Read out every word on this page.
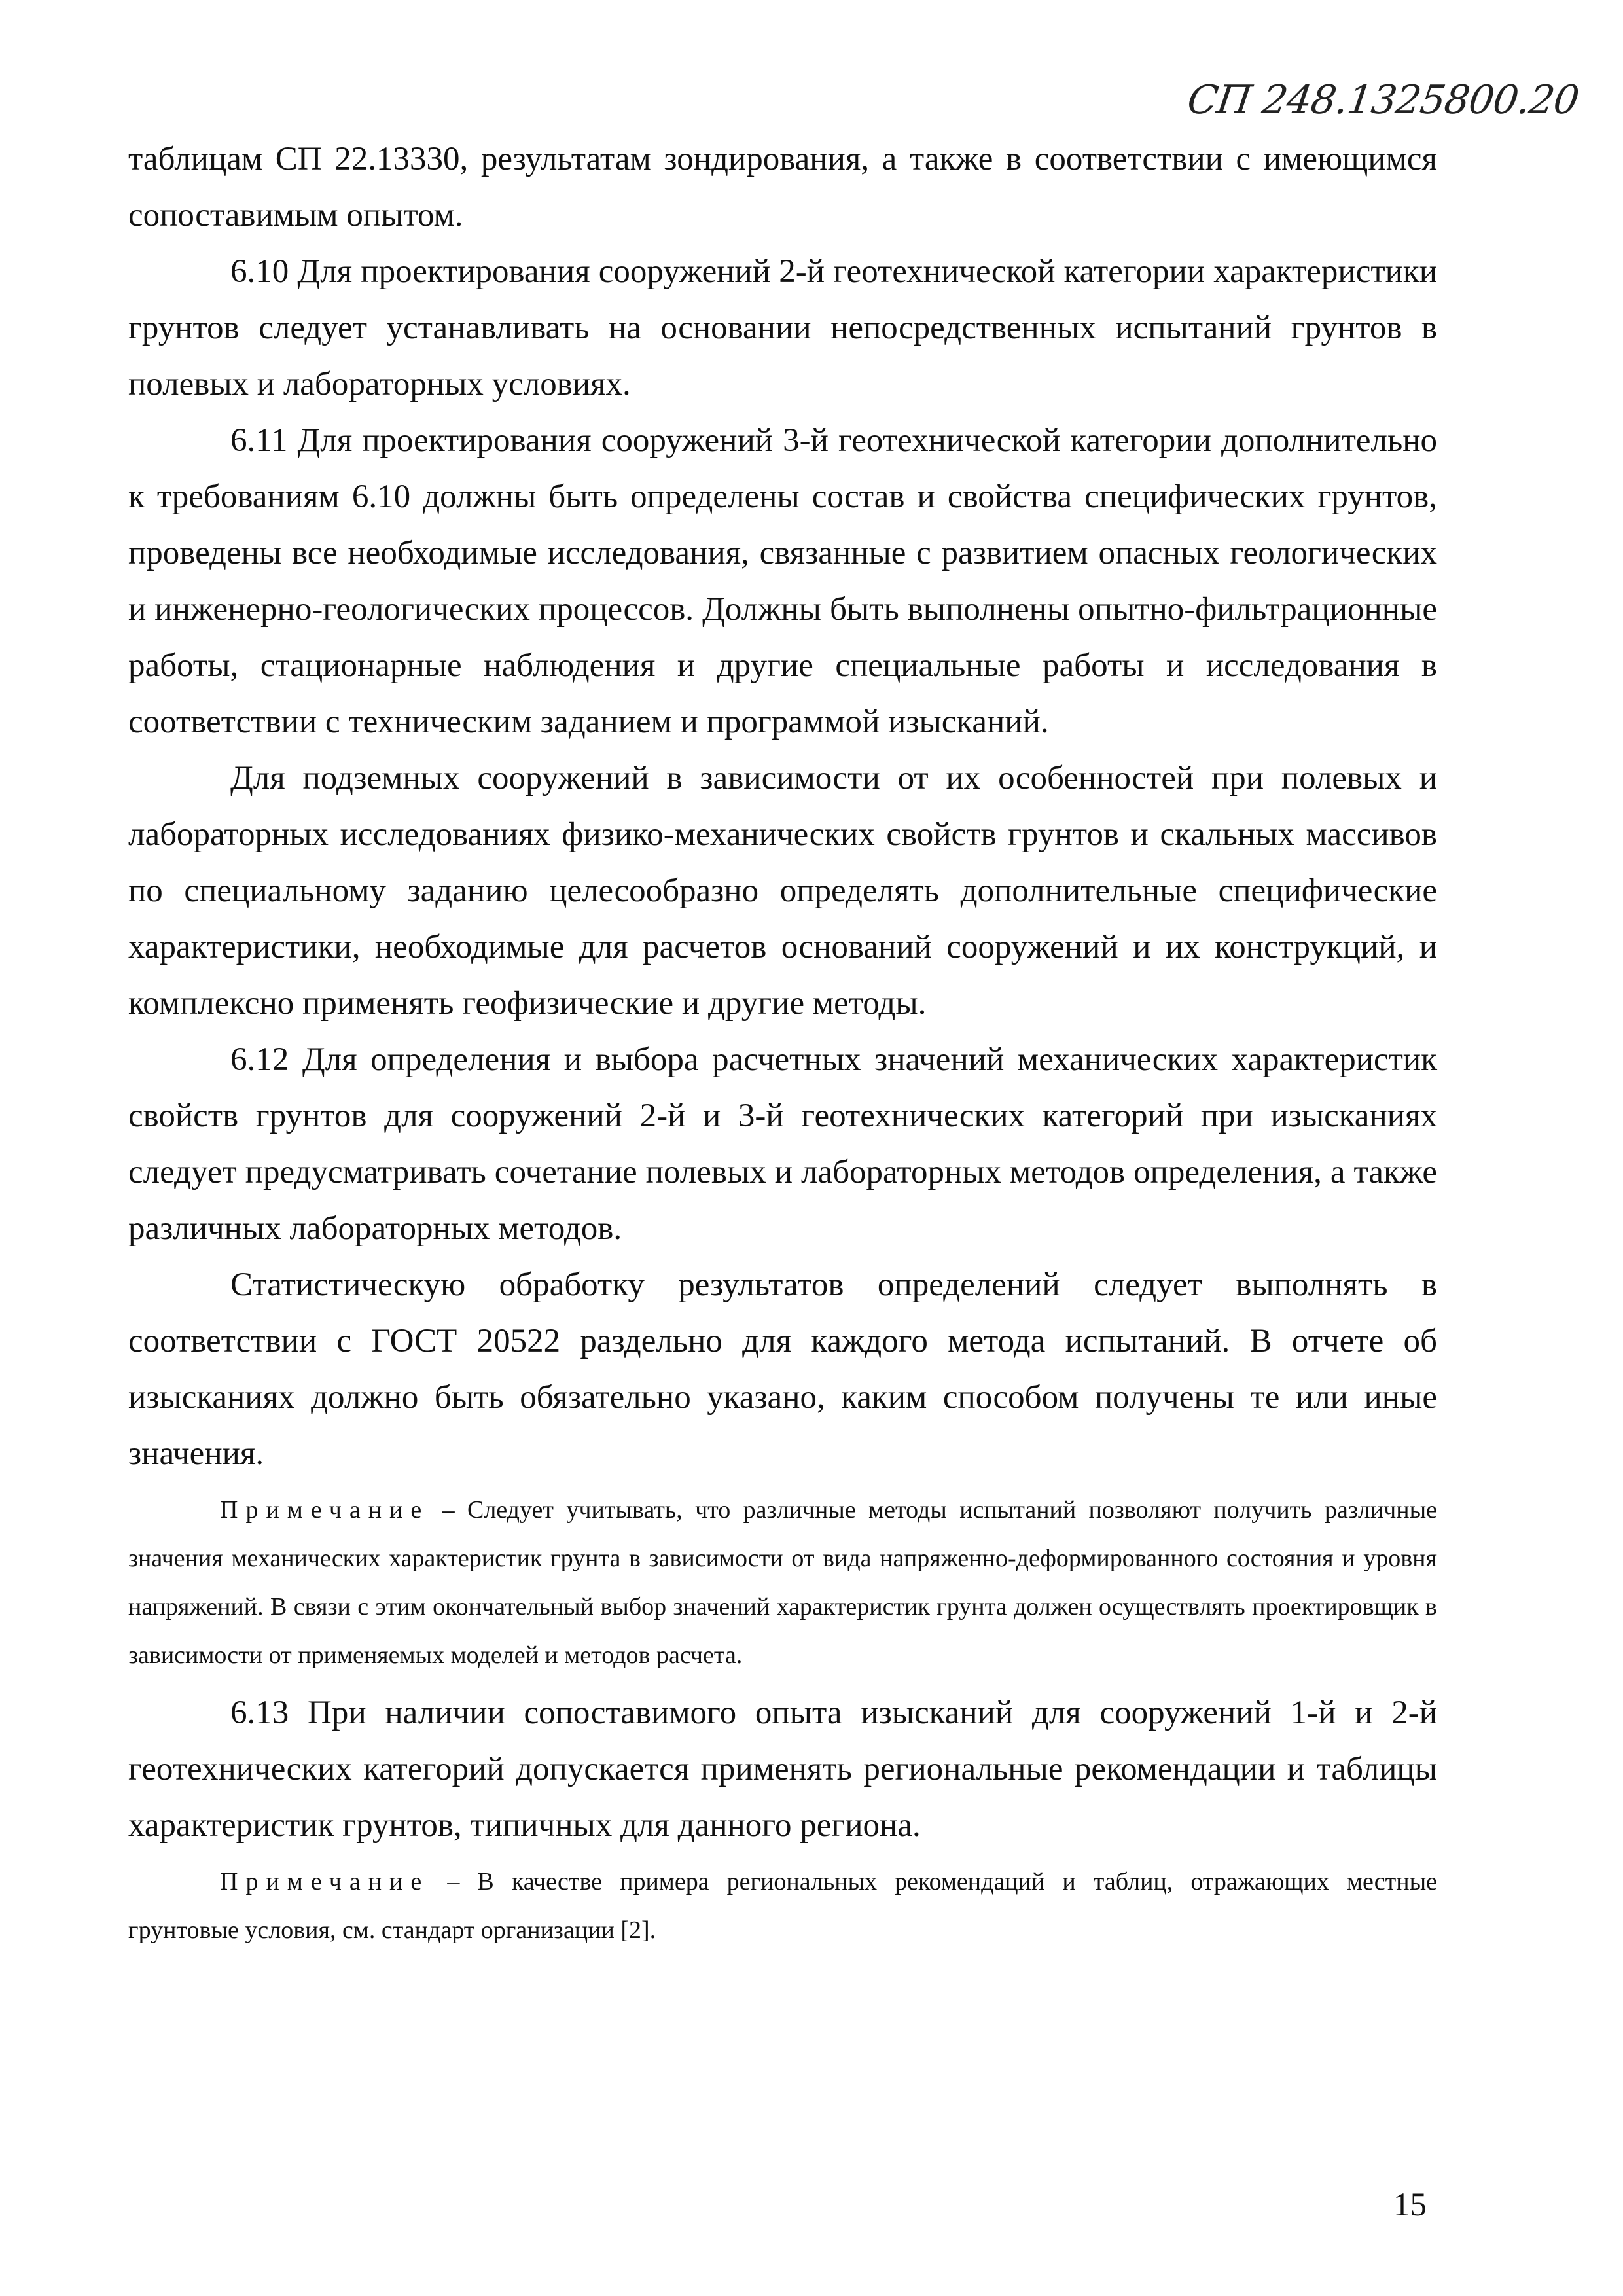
СП 248.1325800.20

таблицам СП 22.13330, результатам зондирования, а также в соответствии с имеющимся сопоставимым опытом.

6.10 Для проектирования сооружений 2-й геотехнической категории характеристики грунтов следует устанавливать на основании непосредственных испытаний грунтов в полевых и лабораторных условиях.

6.11 Для проектирования сооружений 3-й геотехнической категории дополнительно к требованиям 6.10 должны быть определены состав и свойства специфических грунтов, проведены все необходимые исследования, связанные с развитием опасных геологических и инженерно-геологических процессов. Должны быть выполнены опытно-фильтрационные работы, стационарные наблюдения и другие специальные работы и исследования в соответствии с техническим заданием и программой изысканий.

Для подземных сооружений в зависимости от их особенностей при полевых и лабораторных исследованиях физико-механических свойств грунтов и скальных массивов по специальному заданию целесообразно определять дополнительные специфические характеристики, необходимые для расчетов оснований сооружений и их конструкций, и комплексно применять геофизические и другие методы.

6.12 Для определения и выбора расчетных значений механических характеристик свойств грунтов для сооружений 2-й и 3-й геотехнических категорий при изысканиях следует предусматривать сочетание полевых и лабораторных методов определения, а также различных лабораторных методов.

Статистическую обработку результатов определений следует выполнять в соответствии с ГОСТ 20522 раздельно для каждого метода испытаний. В отчете об изысканиях должно быть обязательно указано, каким способом получены те или иные значения.

Примечание – Следует учитывать, что различные методы испытаний позволяют получить различные значения механических характеристик грунта в зависимости от вида напряженно-деформированного состояния и уровня напряжений. В связи с этим окончательный выбор значений характеристик грунта должен осуществлять проектировщик в зависимости от применяемых моделей и методов расчета.

6.13 При наличии сопоставимого опыта изысканий для сооружений 1-й и 2-й геотехнических категорий допускается применять региональные рекомендации и таблицы характеристик грунтов, типичных для данного региона.

Примечание – В качестве примера региональных рекомендаций и таблиц, отражающих местные грунтовые условия, см. стандарт организации [2].

15
